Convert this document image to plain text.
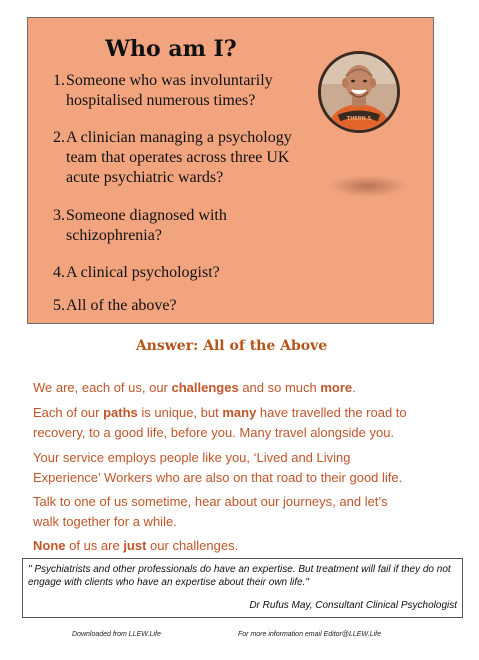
Who am I?
1. Someone who was involuntarily
hospitalised numerous times?
2. A clinician managing a psychology
team that operates across three UK
acute psychiatric wards?
3. Someone diagnosed with
schizophrenia?
4. A clinical psychologist?
5. All of the above?
THERN S

Answer: All of the Above

We are, each of us, our challenges and so much more.

Each of our paths is unique, but many have travelled the road to
recovery, to a good life, before you. Many travel alongside you.

Your service employs people like you, ‘Lived and Living
Experience’ Workers who are also on that road to their good life.

Talk to one of us sometime, hear about our journeys, and let’s
walk together for a while.

None of us are just our challenges.

" Psychiatrists and other professionals do have an expertise. But treatment will fail if they do not engage with clients who have an expertise about their own life."

Dr Rufus May, Consultant Clinical Psychologist

Downloaded from LLEW.Life	For more information email Editor@LLEW.Life
